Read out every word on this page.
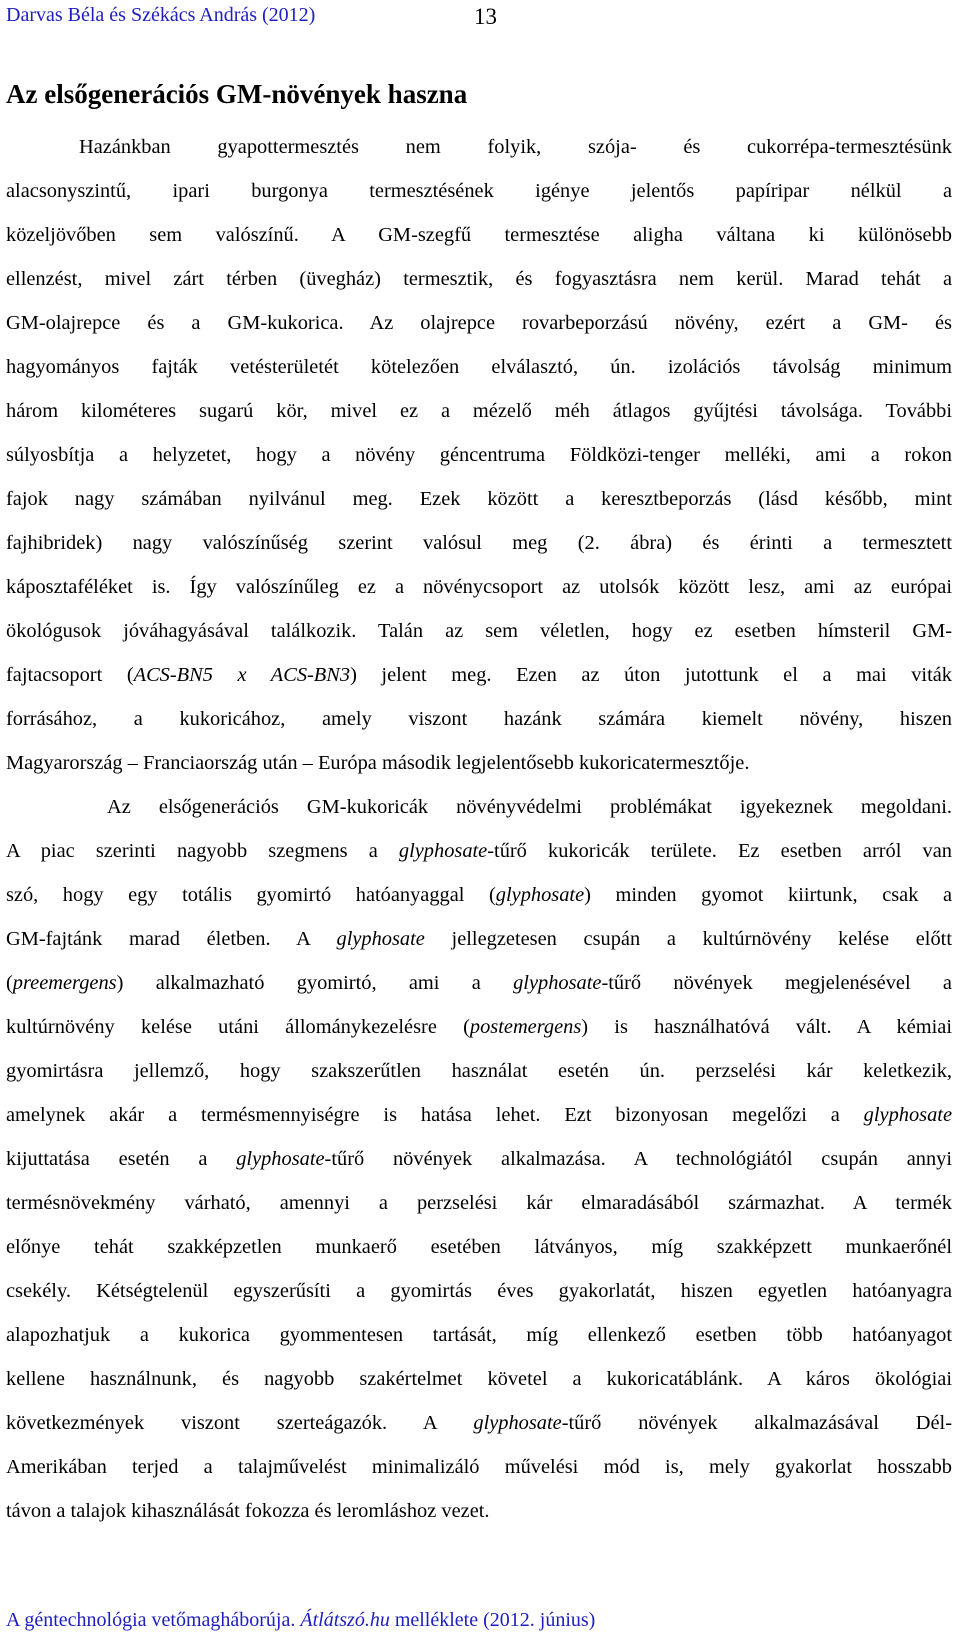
Darvas Béla és Székács András (2012)	13
Az elsőgenerációs GM-növények haszna
Hazánkban gyapottermesztés nem folyik, szója- és cukorrépa-termesztésünk
alacsonyszintű, ipari burgonya termesztésének igénye jelentős papíripar nélkül a
közeljövőben sem valószínű. A GM-szegfű termesztése aligha váltana ki különösebb
ellenzést, mivel zárt térben (üvegház) termesztik, és fogyasztásra nem kerül. Marad tehát a
GM-olajrepce és a GM-kukorica. Az olajrepce rovarbeporzású növény, ezért a GM- és
hagyományos fajták vetésterületét kötelezően elválasztó, ún. izolációs távolság minimum
három kilométeres sugarú kör, mivel ez a mézelő méh átlagos gyűjtési távolsága. További
súlyosbítja a helyzetet, hogy a növény géncentruma Földközi-tenger melléki, ami a rokon
fajok nagy számában nyilvánul meg. Ezek között a keresztbeporzás (lásd később, mint
fajhibridek) nagy valószínűség szerint valósul meg (2. ábra) és érinti a termesztett
káposztaféléket is. Így valószínűleg ez a növénycsoport az utolsók között lesz, ami az európai
ökológusok jóváhagyásával találkozik. Talán az sem véletlen, hogy ez esetben hímsteril GM-
fajtacsoport (ACS-BN5 x ACS-BN3) jelent meg. Ezen az úton jutottunk el a mai viták
forrásához, a kukoricához, amely viszont hazánk számára kiemelt növény, hiszen
Magyarország – Franciaország után – Európa második legjelentősebb kukoricatermesztője.
Az elsőgenerációs GM-kukoricák növényvédelmi problémákat igyekeznek megoldani.
A piac szerinti nagyobb szegmens a glyphosate-tűrő kukoricák területe. Ez esetben arról van
szó, hogy egy totális gyomirtó hatóanyaggal (glyphosate) minden gyomot kiirtunk, csak a
GM-fajtánk marad életben. A glyphosate jellegzetesen csupán a kultúrnövény kelése előtt
(preemergens) alkalmazható gyomirtó, ami a glyphosate-tűrő növények megjelenésével a
kultúrnövény kelése utáni állománykezelésre (postemergens) is használhatóvá vált. A kémiai
gyomirtásra jellemző, hogy szakszerűtlen használat esetén ún. perzselési kár keletkezik,
amelynek akár a termésmennyiségre is hatása lehet. Ezt bizonyosan megelőzi a glyphosate
kijuttatása esetén a glyphosate-tűrő növények alkalmazása. A technológiától csupán annyi
termésnövekmény várható, amennyi a perzselési kár elmaradásából származhat. A termék
előnye tehát szakképzetlen munkaerő esetében látványos, míg szakképzett munkaerőnél
csekély. Kétségtelenül egyszerűsíti a gyomirtás éves gyakorlatát, hiszen egyetlen hatóanyagra
alapozhatjuk a kukorica gyommentesen tartását, míg ellenkező esetben több hatóanyagot
kellene használnunk, és nagyobb szakértelmet követel a kukoricatáblánk. A káros ökológiai
következmények viszont szerteágazók. A glyphosate-tűrő növények alkalmazásával Dél-
Amerikában terjed a talajművelést minimalizáló művelési mód is, mely gyakorlat hosszabb
távon a talajok kihasználását fokozza és leromláshoz vezet.
A géntechnológia vetőmagháborúja. Átlátszó.hu melléklete (2012. június)
